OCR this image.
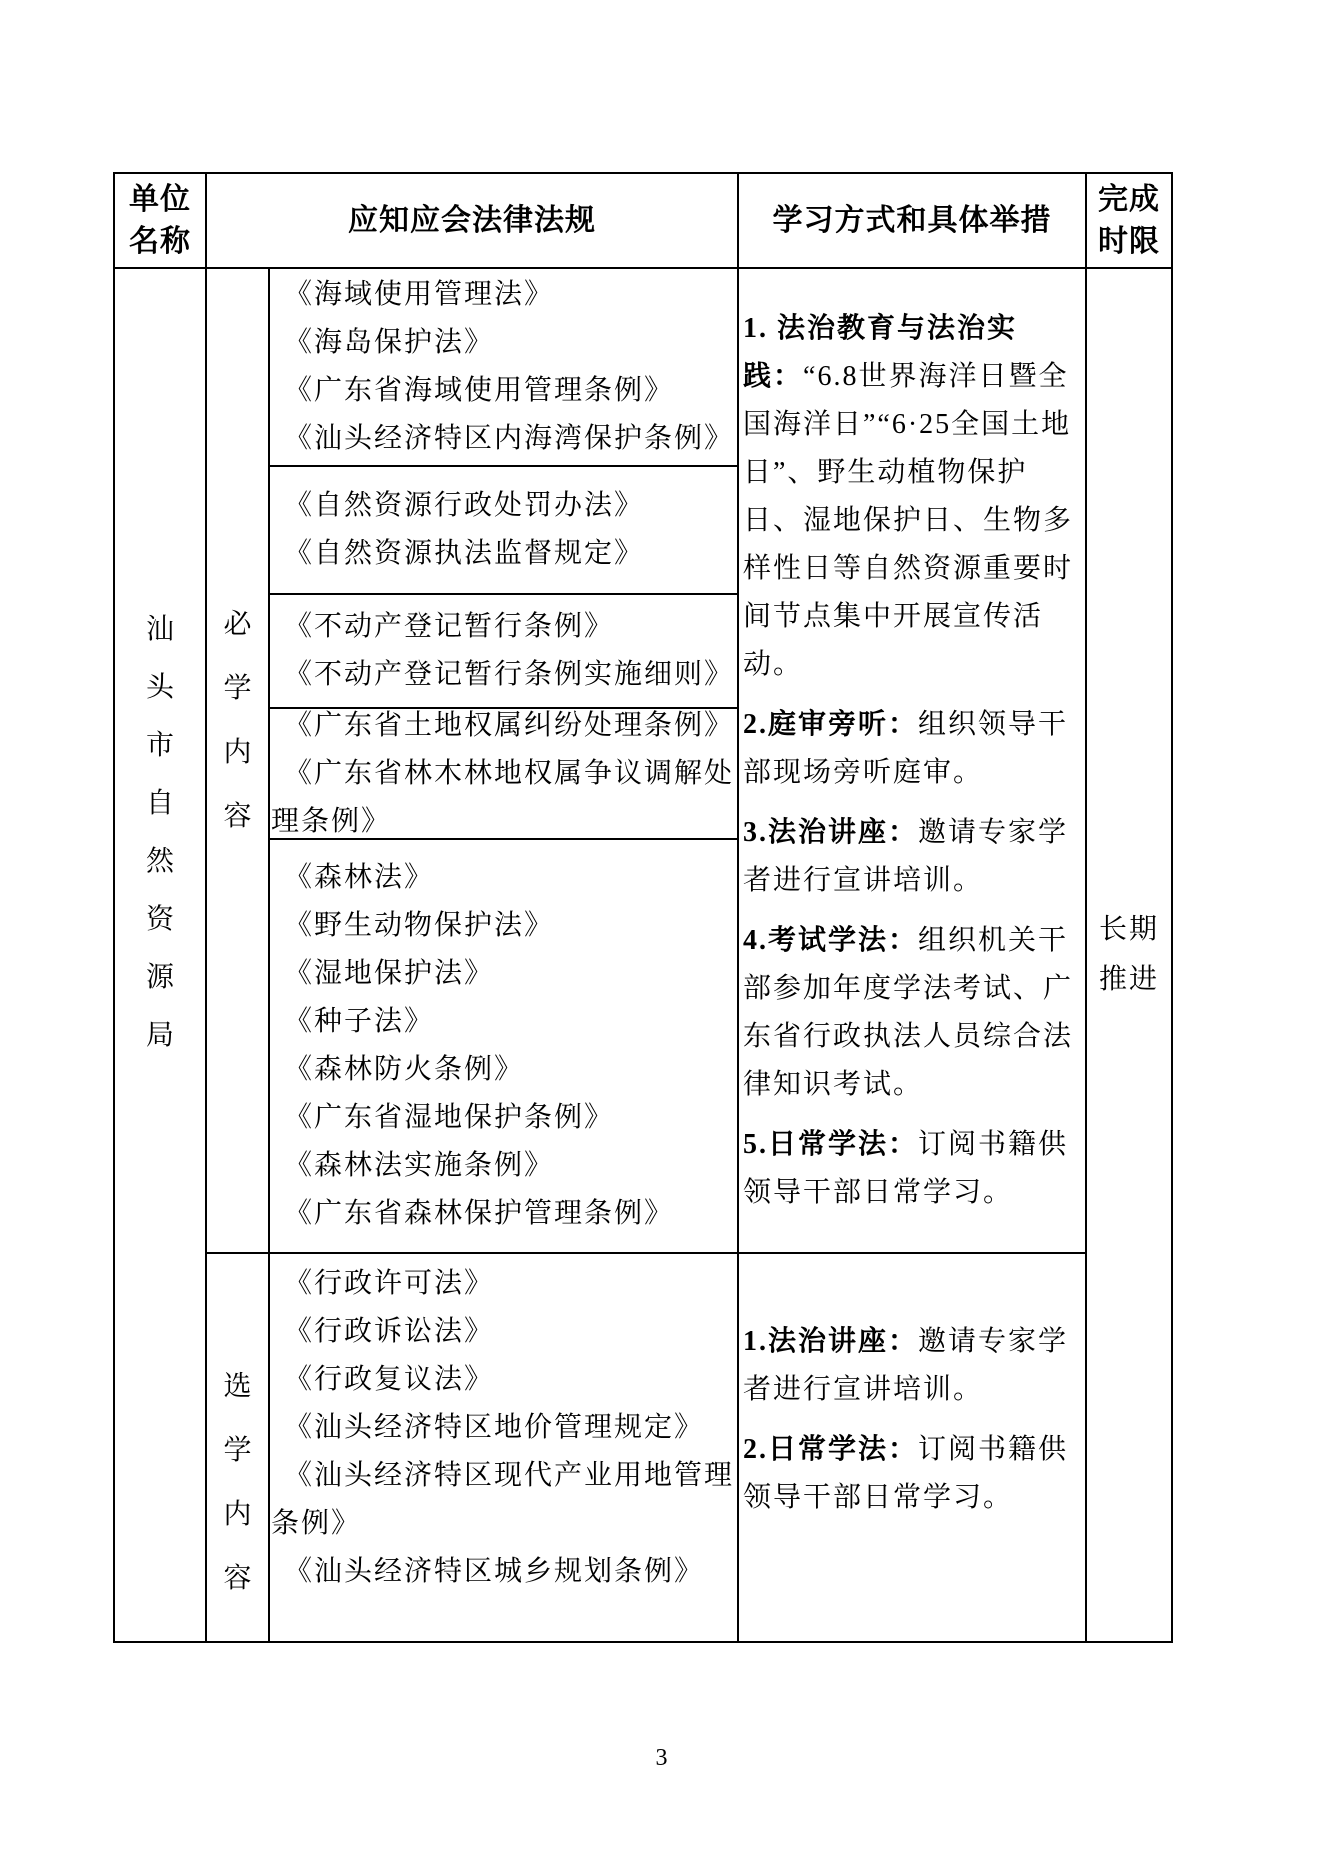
单位名称
汕
头
市
自
然
资
源
局
应知应会法律法规
必
学
内
容
选
学
内
容

《海域使用管理法》

《海岛保护法》

《广东省海域使用管理条例》

《汕头经济特区内海湾保护条例》

《自然资源行政处罚办法》

《自然资源执法监督规定》

《不动产登记暂行条例》

《不动产登记暂行条例实施细则》

《广东省土地权属纠纷处理条例》

《广东省林木林地权属争议调解处理条例》

《森林法》

《野生动物保护法》

《湿地保护法》

《种子法》

《森林防火条例》

《广东省湿地保护条例》

《森林法实施条例》

《广东省森林保护管理条例》

《行政许可法》

《行政诉讼法》

《行政复议法》

《汕头经济特区地价管理规定》

《汕头经济特区现代产业用地管理条例》

《汕头经济特区城乡规划条例》

学习方式和具体举措

1. 法治教育与法治实践：“6.8世界海洋日暨全国海洋日”“6·25全国土地日”、野生动植物保护日、湿地保护日、生物多样性日等自然资源重要时间节点集中开展宣传活动。

2.庭审旁听：组织领导干部现场旁听庭审。

3.法治讲座：邀请专家学者进行宣讲培训。

4.考试学法：组织机关干部参加年度学法考试、广东省行政执法人员综合法律知识考试。

5.日常学法：订阅书籍供领导干部日常学习。

1.法治讲座：邀请专家学者进行宣讲培训。

2.日常学法：订阅书籍供领导干部日常学习。

完成时限
长期推进
3
